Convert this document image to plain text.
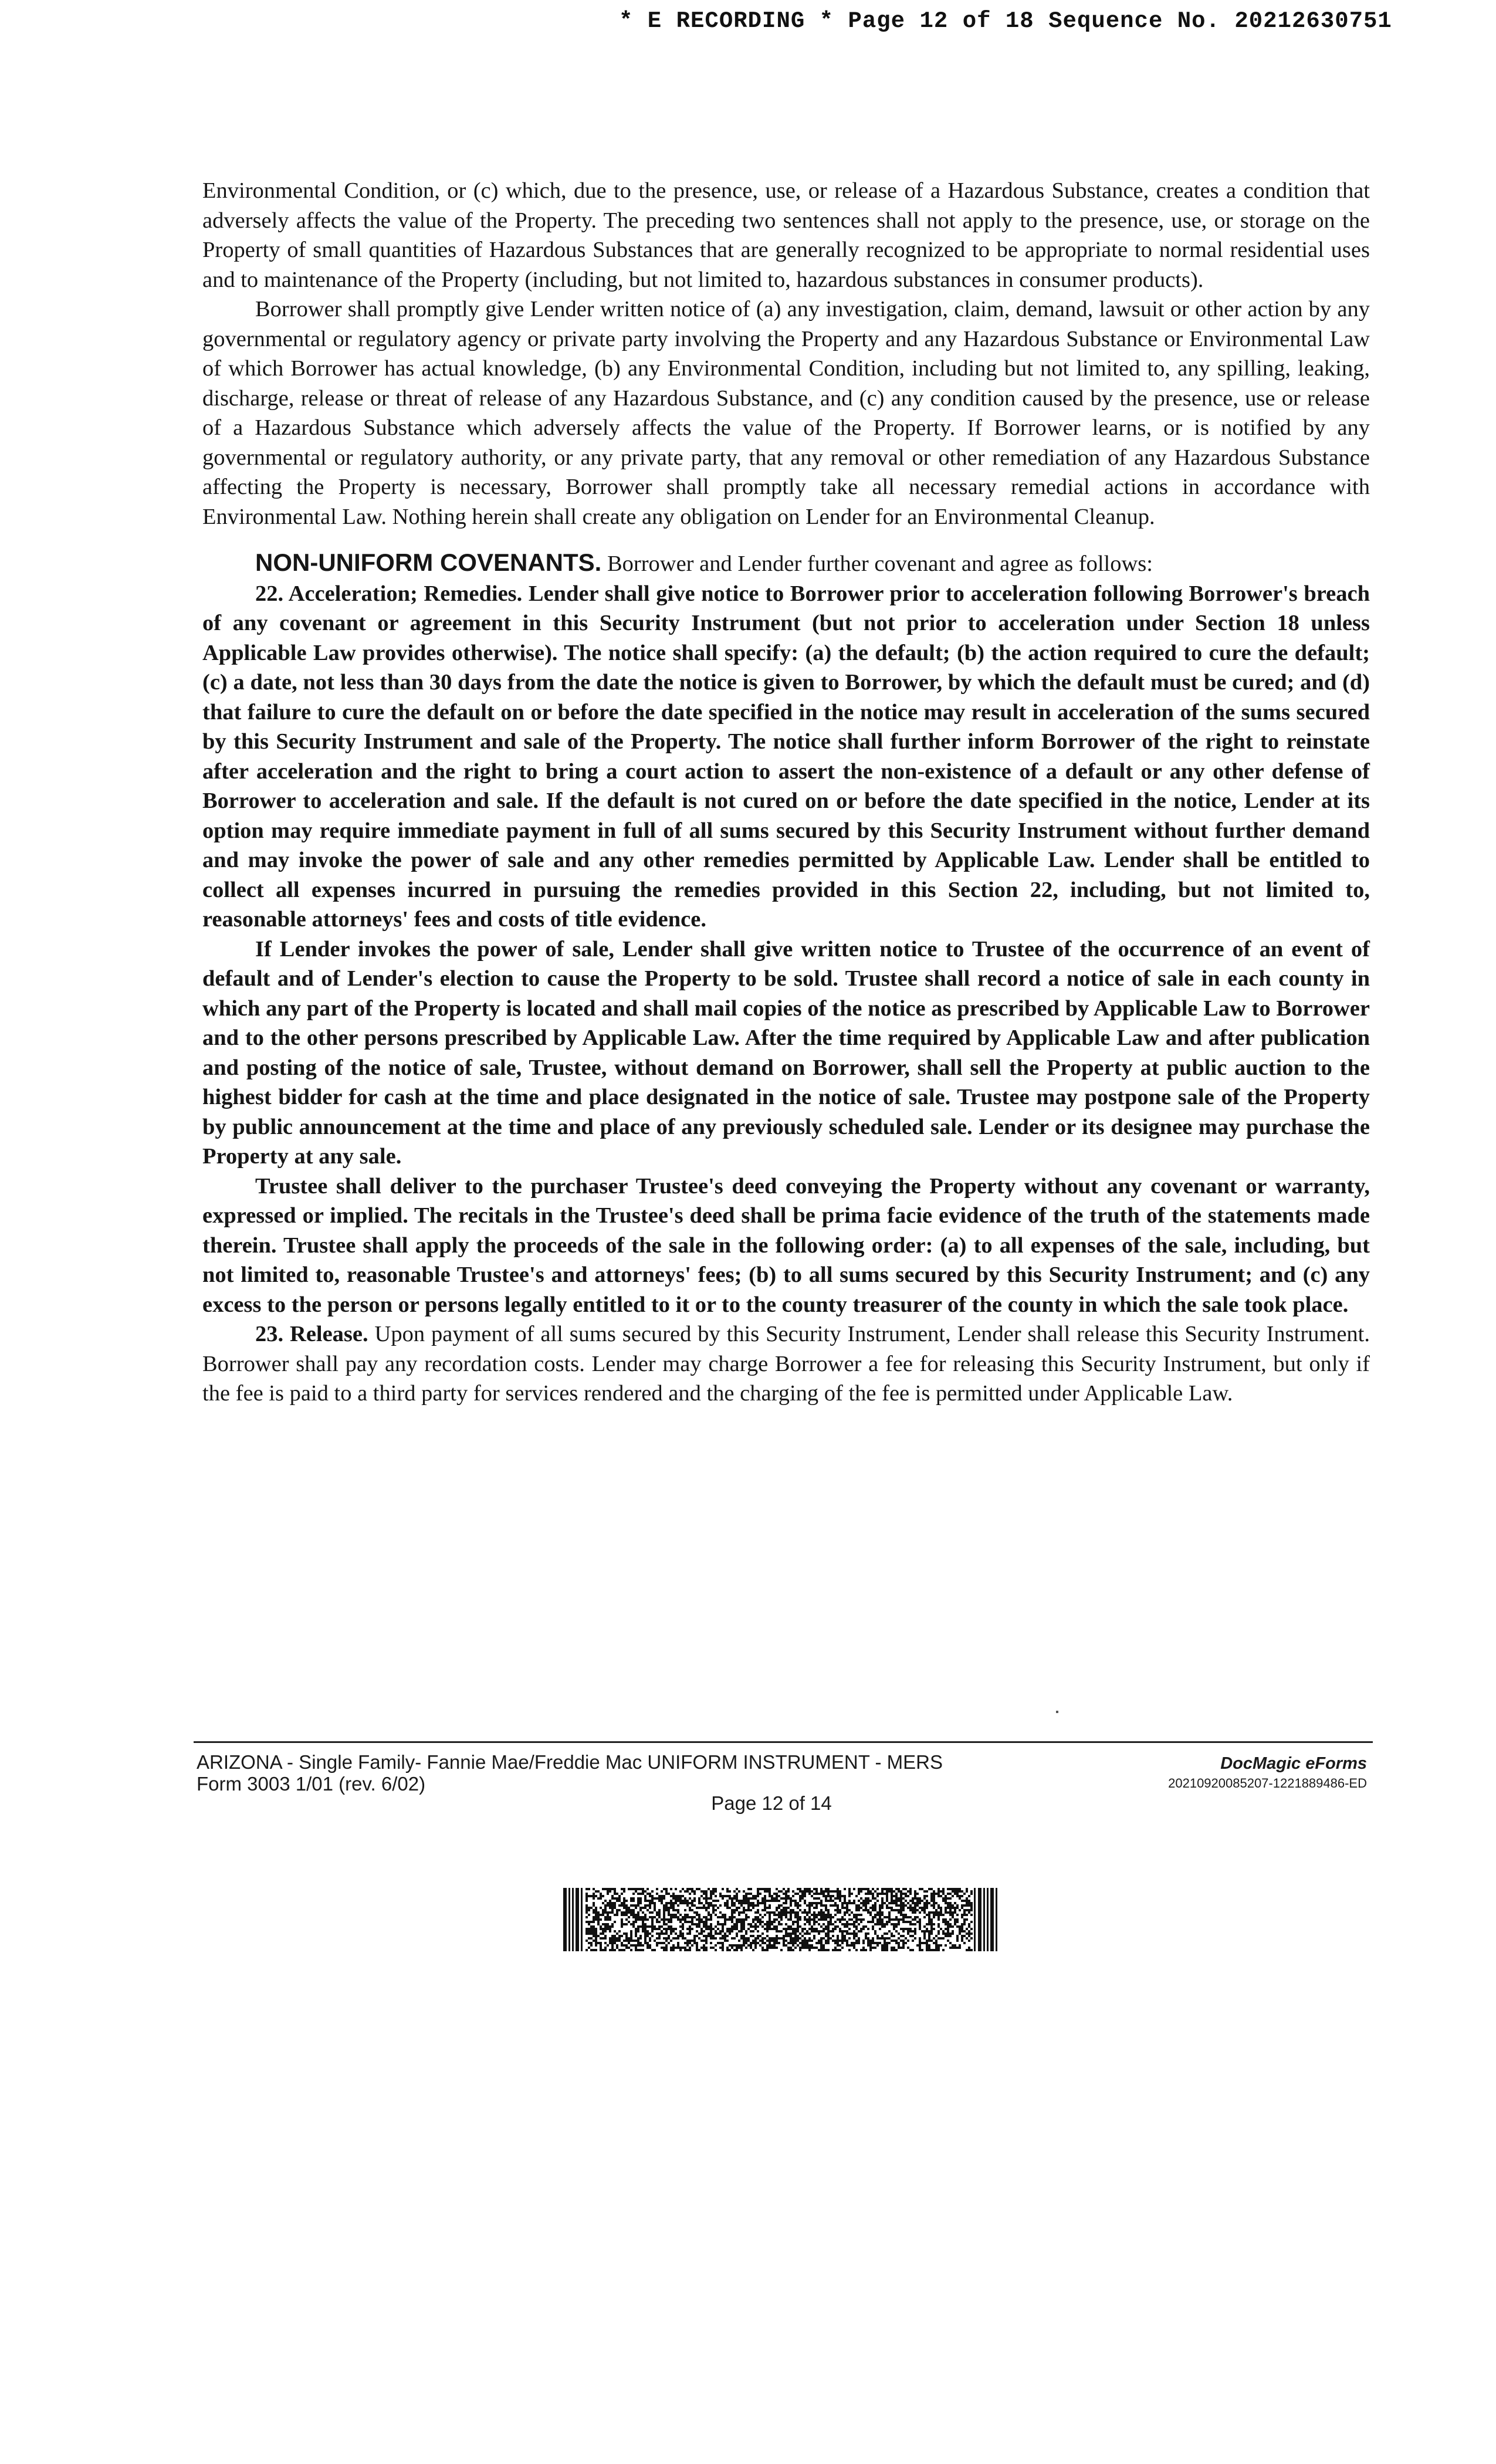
* E RECORDING * Page 12 of 18 Sequence No. 20212630751

Environmental Condition, or (c) which, due to the presence, use, or release of a Hazardous Substance, creates a condition that adversely affects the value of the Property. The preceding two sentences shall not apply to the presence, use, or storage on the Property of small quantities of Hazardous Substances that are generally recognized to be appropriate to normal residential uses and to maintenance of the Property (including, but not limited to, hazardous substances in consumer products).

Borrower shall promptly give Lender written notice of (a) any investigation, claim, demand, lawsuit or other action by any governmental or regulatory agency or private party involving the Property and any Hazardous Substance or Environmental Law of which Borrower has actual knowledge, (b) any Environmental Condition, including but not limited to, any spilling, leaking, discharge, release or threat of release of any Hazardous Substance, and (c) any condition caused by the presence, use or release of a Hazardous Substance which adversely affects the value of the Property. If Borrower learns, or is notified by any governmental or regulatory authority, or any private party, that any removal or other remediation of any Hazardous Substance affecting the Property is necessary, Borrower shall promptly take all necessary remedial actions in accordance with Environmental Law. Nothing herein shall create any obligation on Lender for an Environmental Cleanup.

NON-UNIFORM COVENANTS. Borrower and Lender further covenant and agree as follows:

22. Acceleration; Remedies. Lender shall give notice to Borrower prior to acceleration following Borrower's breach of any covenant or agreement in this Security Instrument (but not prior to acceleration under Section 18 unless Applicable Law provides otherwise). The notice shall specify: (a) the default; (b) the action required to cure the default; (c) a date, not less than 30 days from the date the notice is given to Borrower, by which the default must be cured; and (d) that failure to cure the default on or before the date specified in the notice may result in acceleration of the sums secured by this Security Instrument and sale of the Property. The notice shall further inform Borrower of the right to reinstate after acceleration and the right to bring a court action to assert the non-existence of a default or any other defense of Borrower to acceleration and sale. If the default is not cured on or before the date specified in the notice, Lender at its option may require immediate payment in full of all sums secured by this Security Instrument without further demand and may invoke the power of sale and any other remedies permitted by Applicable Law. Lender shall be entitled to collect all expenses incurred in pursuing the remedies provided in this Section 22, including, but not limited to, reasonable attorneys' fees and costs of title evidence.

If Lender invokes the power of sale, Lender shall give written notice to Trustee of the occurrence of an event of default and of Lender's election to cause the Property to be sold. Trustee shall record a notice of sale in each county in which any part of the Property is located and shall mail copies of the notice as prescribed by Applicable Law to Borrower and to the other persons prescribed by Applicable Law. After the time required by Applicable Law and after publication and posting of the notice of sale, Trustee, without demand on Borrower, shall sell the Property at public auction to the highest bidder for cash at the time and place designated in the notice of sale. Trustee may postpone sale of the Property by public announcement at the time and place of any previously scheduled sale. Lender or its designee may purchase the Property at any sale.

Trustee shall deliver to the purchaser Trustee's deed conveying the Property without any covenant or warranty, expressed or implied. The recitals in the Trustee's deed shall be prima facie evidence of the truth of the statements made therein. Trustee shall apply the proceeds of the sale in the following order: (a) to all expenses of the sale, including, but not limited to, reasonable Trustee's and attorneys' fees; (b) to all sums secured by this Security Instrument; and (c) any excess to the person or persons legally entitled to it or to the county treasurer of the county in which the sale took place.

23. Release. Upon payment of all sums secured by this Security Instrument, Lender shall release this Security Instrument. Borrower shall pay any recordation costs. Lender may charge Borrower a fee for releasing this Security Instrument, but only if the fee is paid to a third party for services rendered and the charging of the fee is permitted under Applicable Law.

ARIZONA - Single Family- Fannie Mae/Freddie Mac UNIFORM INSTRUMENT - MERS
Form 3003 1/01 (rev. 6/02)
DocMagic eForms
20210920085207-1221889486-ED
Page 12 of 14
